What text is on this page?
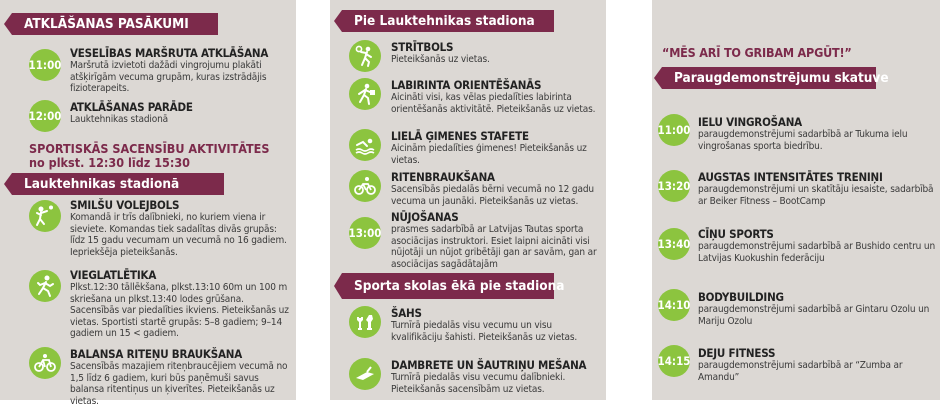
ATKLĀŠANAS PASĀKUMI
11:00
VESELĪBAS MARŠRUTA ATKLĀŠANA
Maršrutā izvietoti dažādi vingrojumu plakāti atšķirīgām vecuma grupām, kuras izstrādājis fizioterapeits.
12:00
ATKLĀŠANAS PARĀDE
Lauktehnikas stadionā
SPORTISKĀS SACENSĪBU AKTIVITĀTES
no plkst. 12:30 līdz 15:30
Lauktehnikas stadionā
SMILŠU VOLEJBOLS
Komandā ir trīs dalībnieki, no kuriem viena ir sieviete. Komandas tiek sadalītas divās grupās: līdz 15 gadu vecumam un vecumā no 16 gadiem. Iepriekšēja pieteikšanās.
VIEGLATLĒTIKA
Plkst.12:30 tāllēkšana, plkst.13:10 60m un 100 m skriešana un plkst.13:40 lodes grūšana. Sacensībās var piedalīties ikviens. Pieteikšanās uz vietas. Sportisti startē grupās: 5–8 gadiem; 9–14 gadiem un 15 < gadiem.
BALANSA RITEŅU BRAUKŠANA
Sacensībās mazajiem riteņbraucējiem vecumā no 1,5 līdz 6 gadiem, kuri būs paņēmuši savus balansa ritentiņus un ķiverītes. Pieteikšanās uz vietas.
Pie Lauktehnikas stadiona
STRĪTBOLS
Pieteikšanās uz vietas.
LABIRINTA ORIENTĒŠANĀS
Aicināti visi, kas vēlas piedalīties labirinta orientēšanās aktivitātē. Pieteikšanās uz vietas.
LIELĀ ĢIMENES STAFETE
Aicinām piedalīties ģimenes! Pieteikšanās uz vietas.
RITENBRAUKŠANA
Sacensībās piedalās bērni vecumā no 12 gadu vecuma un jaunāki. Pieteikšanās uz vietas.
13:00
NŪJOŠANAS
prasmes sadarbībā ar Latvijas Tautas sporta asociācijas instruktori. Esiet laipni aicināti visi nūjotāji un nūjot gribētāji gan ar savām, gan ar asociācijas sagādātajām
Sporta skolas ēkā pie stadiona
ŠAHS
Turnīrā piedalās visu vecumu un visu kvalifikāciju šahisti. Pieteikšanās uz vietas.
DAMBRETE UN ŠAUTRIŅU MEŠANA
Turnīrā piedalās visu vecumu dalībnieki. Pieteikšanās sacensībām uz vietas.
“MĒS ARĪ TO GRIBAM APGŪT!”
Paraugdemonstrējumu skatuve
11:00
IELU VINGROŠANA
paraugdemonstrējumi sadarbībā ar Tukuma ielu vingrošanas sporta biedrību.
13:20
AUGSTAS INTENSITĀTES TRENIŅI
paraugdemonstrējumi un skatītāju iesaiste, sadarbībā ar Beiker Fitness – BootCamp
13:40
CĪŅU SPORTS
paraugdemonstrējumi sadarbībā ar Bushido centru un Latvijas Kuokushin federāciju
14:10
BODYBUILDING
paraugdemonstrējumi sadarbībā ar Gintaru Ozolu un Mariju Ozolu
14:15
DEJU FITNESS
paraugdemonstrējumi sadarbībā ar “Zumba ar Amandu”
